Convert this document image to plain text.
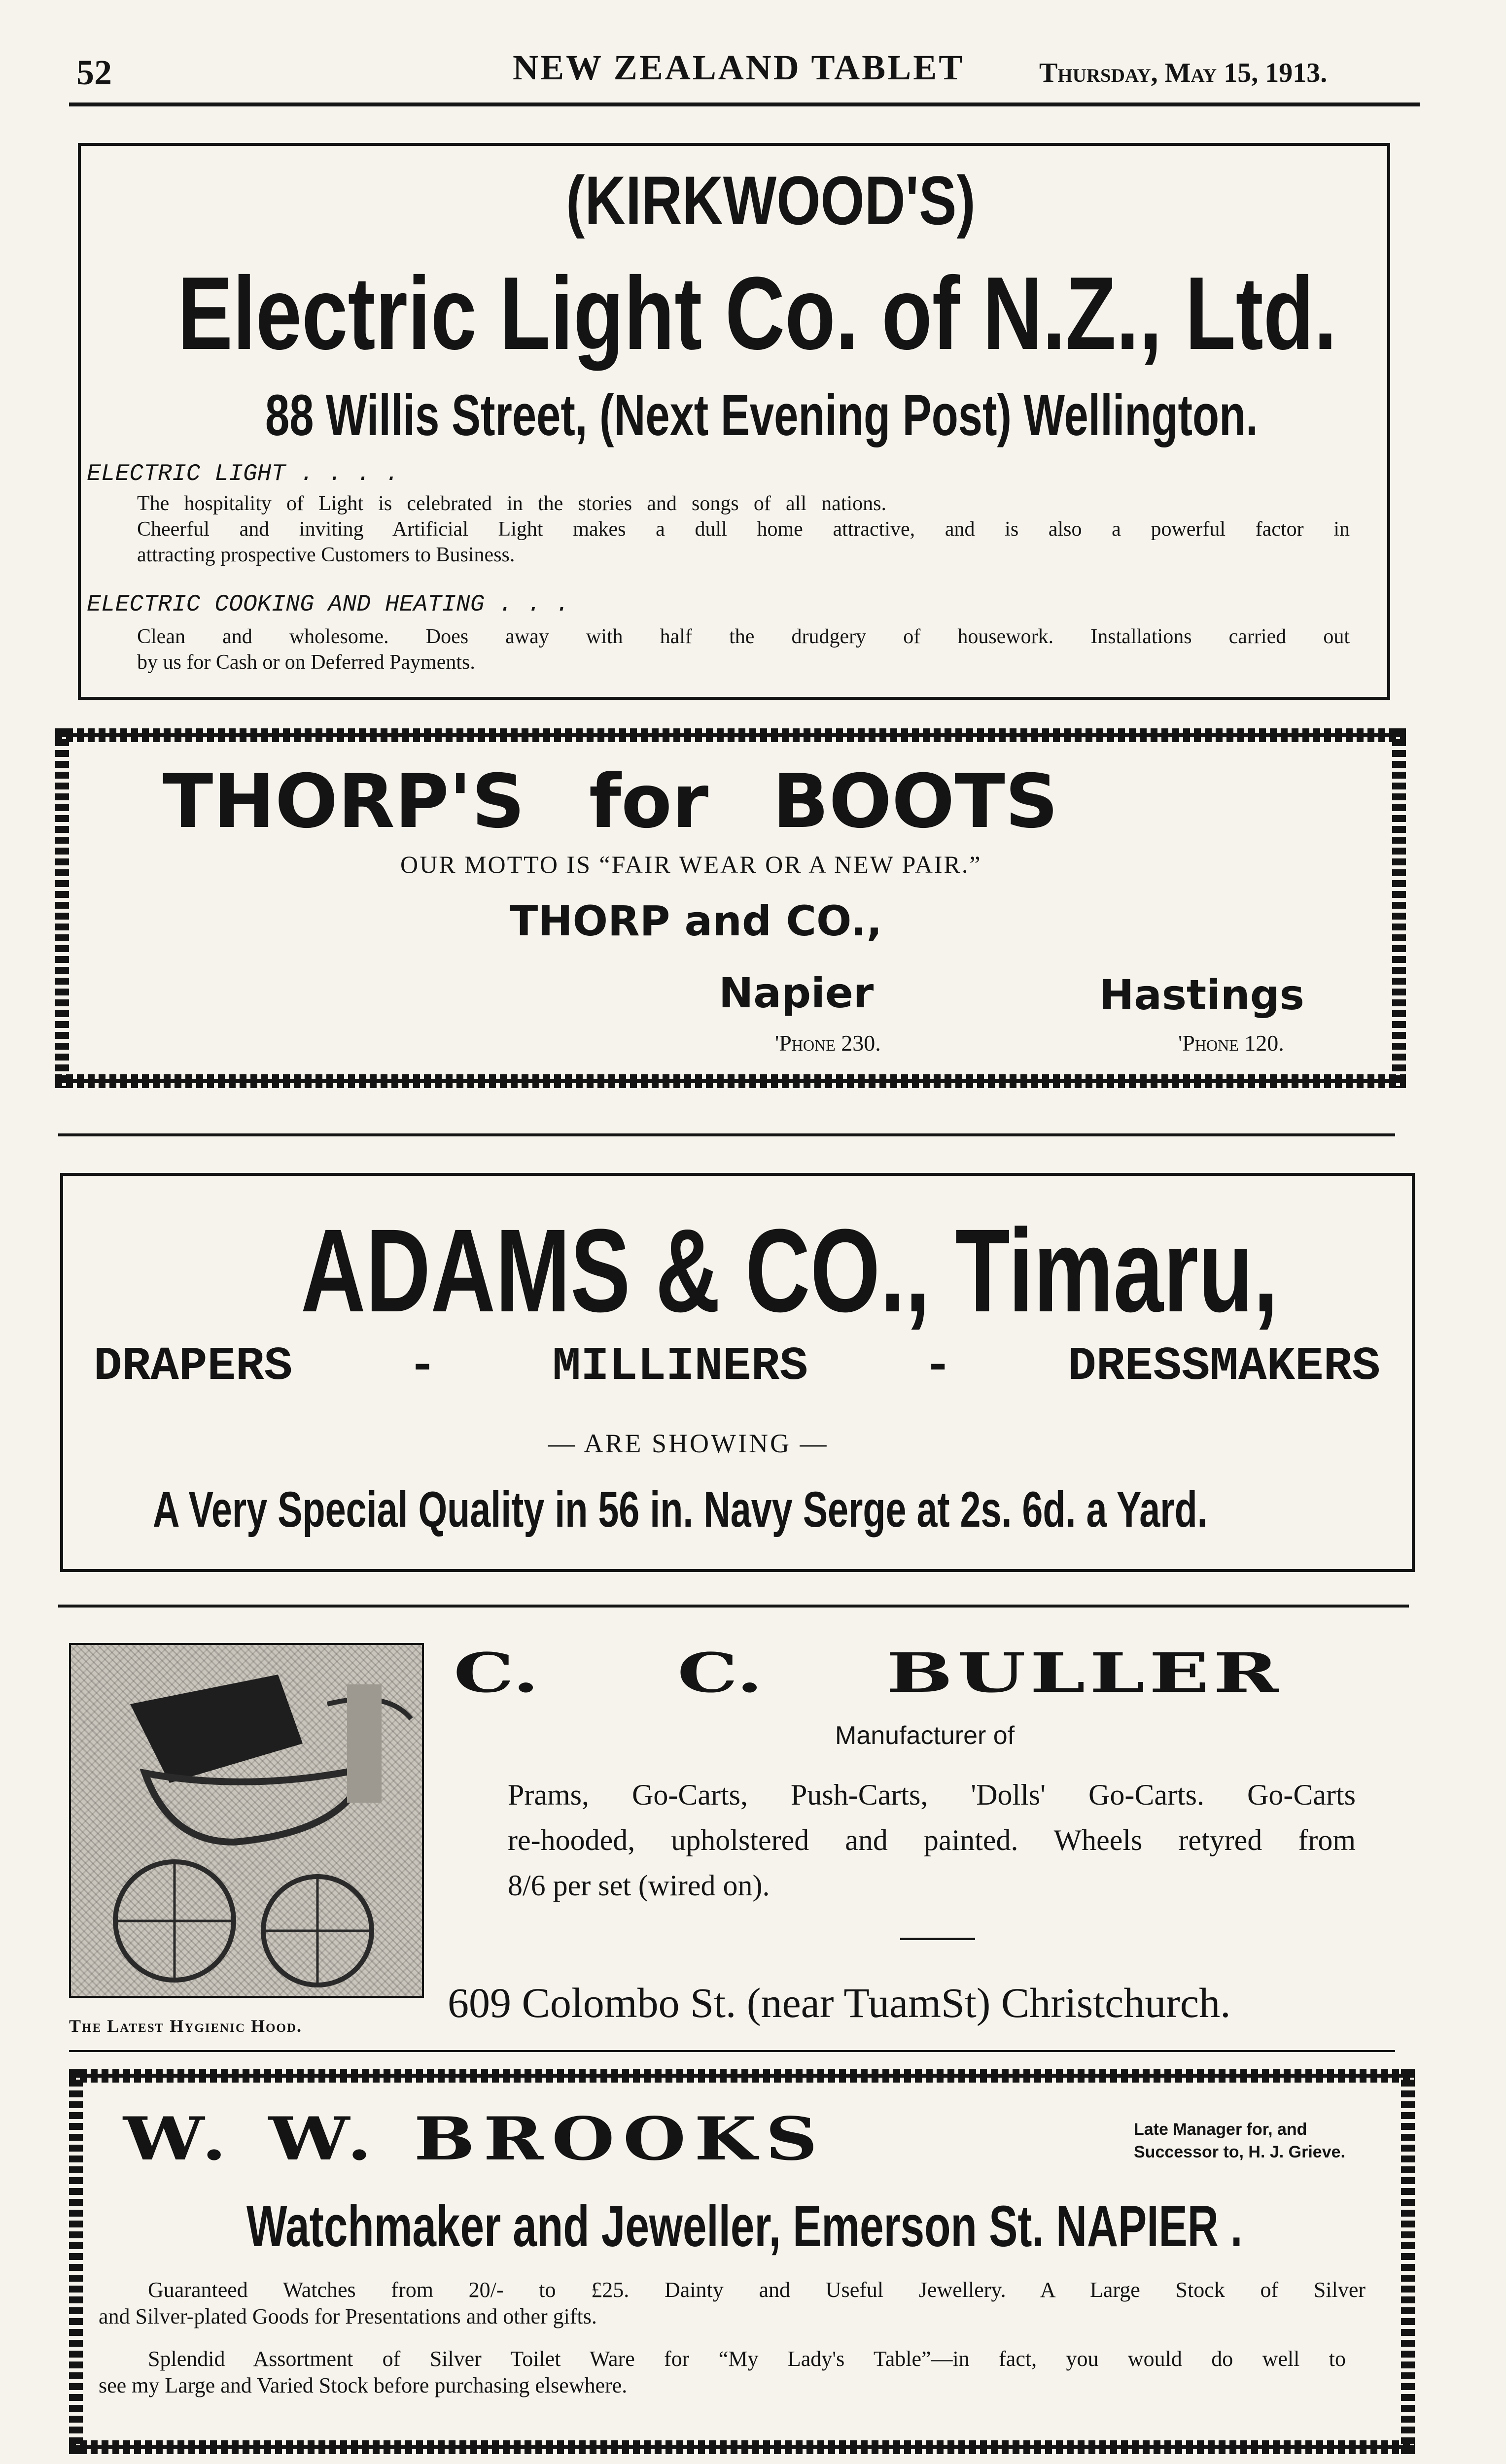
52	NEW ZEALAND TABLET	Thursday, May 15, 1913.
(KIRKWOOD'S)
Electric Light Co. of N.Z., Ltd.
88 Willis Street, (Next Evening Post) Wellington.
ELECTRIC LIGHT . . . .
The hospitality of Light is celebrated in the stories and songs of all nations.
Cheerful and inviting Artificial Light makes a dull home attractive, and is also a powerful factor in
attracting prospective Customers to Business.
ELECTRIC COOKING AND HEATING . . .
Clean and wholesome. Does away with half the drudgery of housework. Installations carried out
by us for Cash or on Deferred Payments.
THORP'S for BOOTS
OUR MOTTO IS “FAIR WEAR OR A NEW PAIR.”
THORP and CO.,
Napier	Hastings
'Phone 230.	'Phone 120.
ADAMS & CO., Timaru,
DRAPERS - MILLINERS - DRESSMAKERS
— ARE SHOWING —
A Very Special Quality in 56 in. Navy Serge at 2s. 6d. a Yard.
The Latest Hygienic Hood.
C.	C. BULLER
Manufacturer of
Prams, Go-Carts, Push-Carts, 'Dolls' Go-Carts. Go-Carts
re-hooded, upholstered and painted. Wheels retyred from
8/6 per set (wired on).
609 Colombo St. (near TuamSt) Christchurch.
W. W. BROOKS	Late Manager for, and
Successor to, H. J. Grieve.
Watchmaker and Jeweller, Emerson St. NAPIER .
Guaranteed Watches from 20/- to £25. Dainty and Useful Jewellery. A Large Stock of Silver
and Silver-plated Goods for Presentations and other gifts.
Splendid Assortment of Silver Toilet Ware for “My Lady's Table”—in fact, you would do well to
see my Large and Varied Stock before purchasing elsewhere.
